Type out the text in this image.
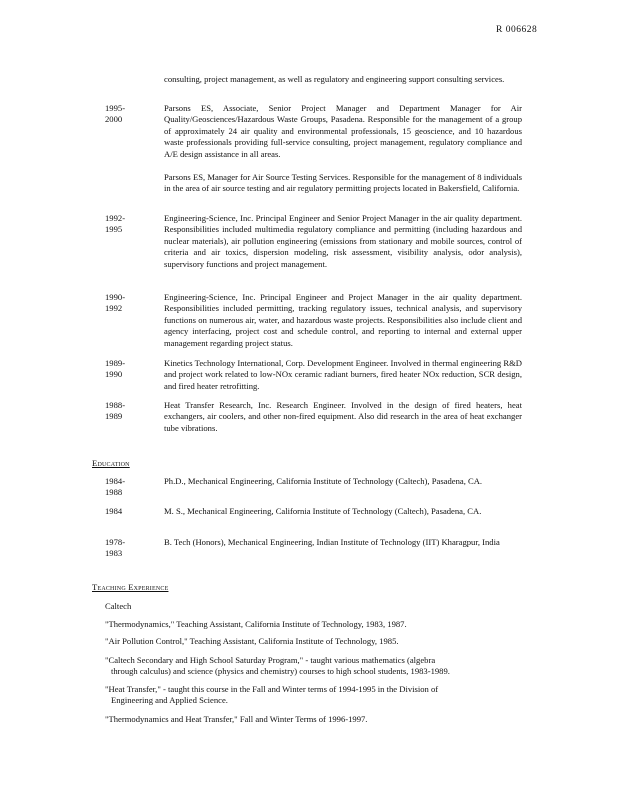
R 006628
consulting, project management, as well as regulatory and engineering support consulting services.
1995-2000
Parsons ES, Associate, Senior Project Manager and Department Manager for Air Quality/Geosciences/Hazardous Waste Groups, Pasadena. Responsible for the management of a group of approximately 24 air quality and environmental professionals, 15 geoscience, and 10 hazardous waste professionals providing full-service consulting, project management, regulatory compliance and A/E design assistance in all areas.
Parsons ES, Manager for Air Source Testing Services. Responsible for the management of 8 individuals in the area of air source testing and air regulatory permitting projects located in Bakersfield, California.
1992-1995
Engineering-Science, Inc. Principal Engineer and Senior Project Manager in the air quality department. Responsibilities included multimedia regulatory compliance and permitting (including hazardous and nuclear materials), air pollution engineering (emissions from stationary and mobile sources, control of criteria and air toxics, dispersion modeling, risk assessment, visibility analysis, odor analysis), supervisory functions and project management.
1990-1992
Engineering-Science, Inc. Principal Engineer and Project Manager in the air quality department. Responsibilities included permitting, tracking regulatory issues, technical analysis, and supervisory functions on numerous air, water, and hazardous waste projects. Responsibilities also include client and agency interfacing, project cost and schedule control, and reporting to internal and external upper management regarding project status.
1989-1990
Kinetics Technology International, Corp. Development Engineer. Involved in thermal engineering R&D and project work related to low-NOx ceramic radiant burners, fired heater NOx reduction, SCR design, and fired heater retrofitting.
1988-1989
Heat Transfer Research, Inc. Research Engineer. Involved in the design of fired heaters, heat exchangers, air coolers, and other non-fired equipment. Also did research in the area of heat exchanger tube vibrations.
Education
1984-1988
Ph.D., Mechanical Engineering, California Institute of Technology (Caltech), Pasadena, CA.
1984	M. S., Mechanical Engineering, California Institute of Technology (Caltech), Pasadena, CA.
1978-1983
B. Tech (Honors), Mechanical Engineering, Indian Institute of Technology (IIT) Kharagpur, India
Teaching Experience
Caltech
"Thermodynamics," Teaching Assistant, California Institute of Technology, 1983, 1987.
"Air Pollution Control," Teaching Assistant, California Institute of Technology, 1985.
"Caltech Secondary and High School Saturday Program," - taught various mathematics (algebra
through calculus) and science (physics and chemistry) courses to high school students, 1983-1989.
"Heat Transfer," - taught this course in the Fall and Winter terms of 1994-1995 in the Division of
Engineering and Applied Science.
"Thermodynamics and Heat Transfer," Fall and Winter Terms of 1996-1997.
